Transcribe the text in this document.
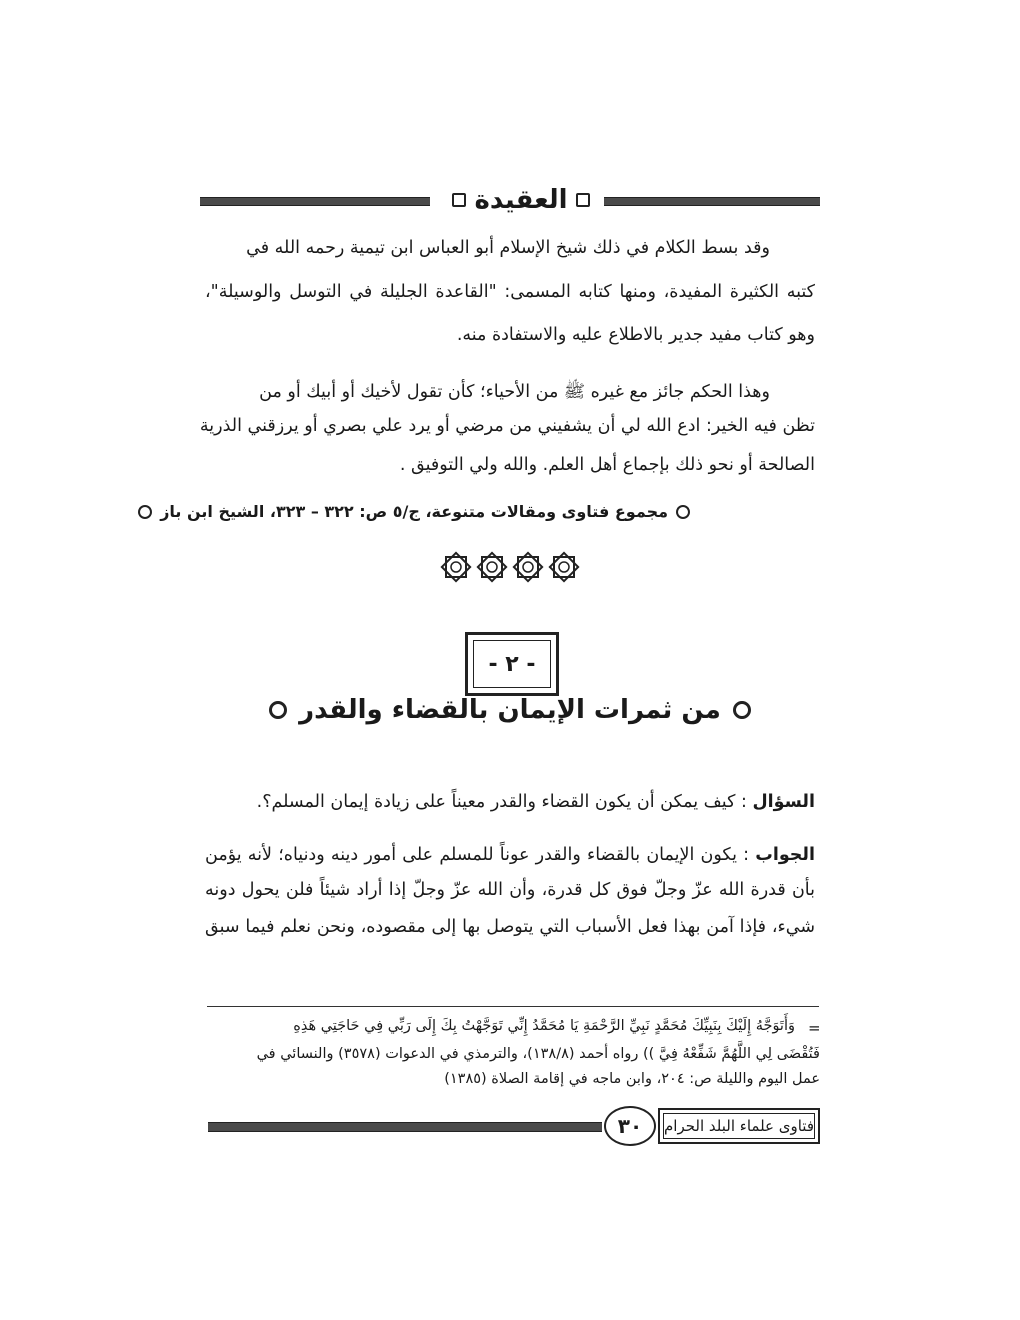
العقيدة
وقد بسط الكلام في ذلك شيخ الإسلام أبو العباس ابن تيمية رحمه الله في
كتبه الكثيرة المفيدة، ومنها كتابه المسمى: "القاعدة الجليلة في التوسل والوسيلة"،
وهو كتاب مفيد جدير بالاطلاع عليه والاستفادة منه.
وهذا الحكم جائز مع غيره ﷺ من الأحياء؛ كأن تقول لأخيك أو أبيك أو من
تظن فيه الخير: ادع الله لي أن يشفيني من مرضي أو يرد علي بصري أو يرزقني الذرية
الصالحة أو نحو ذلك بإجماع أهل العلم. والله ولي التوفيق .
مجموع فتاوى ومقالات متنوعة، ج/٥ ص: ٣٢٢ – ٣٢٣، الشيخ ابن باز
- ٢ -
من ثمرات الإيمان بالقضاء والقدر
السؤال : كيف يمكن أن يكون القضاء والقدر معيناً على زيادة إيمان المسلم؟.
الجواب : يكون الإيمان بالقضاء والقدر عوناً للمسلم على أمور دينه ودنياه؛ لأنه يؤمن
بأن قدرة الله عزّ وجلّ فوق كل قدرة، وأن الله عزّ وجلّ إذا أراد شيئاً فلن يحول دونه
شيء، فإذا آمن بهذا فعل الأسباب التي يتوصل بها إلى مقصوده، ونحن نعلم فيما سبق
=
وَأَتَوَجَّهُ إِلَيْكَ بِنَبِيِّكَ مُحَمَّدٍ نَبِيِّ الرَّحْمَةِ يَا مُحَمَّدُ إِنِّي تَوَجَّهْتُ بِكَ إِلَى رَبِّي فِي حَاجَتِي هَذِهِ
فَتُقْضَى لِي اللَّهُمَّ شَفِّعْهُ فِيَّ )) رواه أحمد (١٣٨/٨)، والترمذي في الدعوات (٣٥٧٨) والنسائي في
عمل اليوم والليلة ص: ٢٠٤، وابن ماجه في إقامة الصلاة (١٣٨٥)
٣٠	فتاوى علماء البلد الحرام
